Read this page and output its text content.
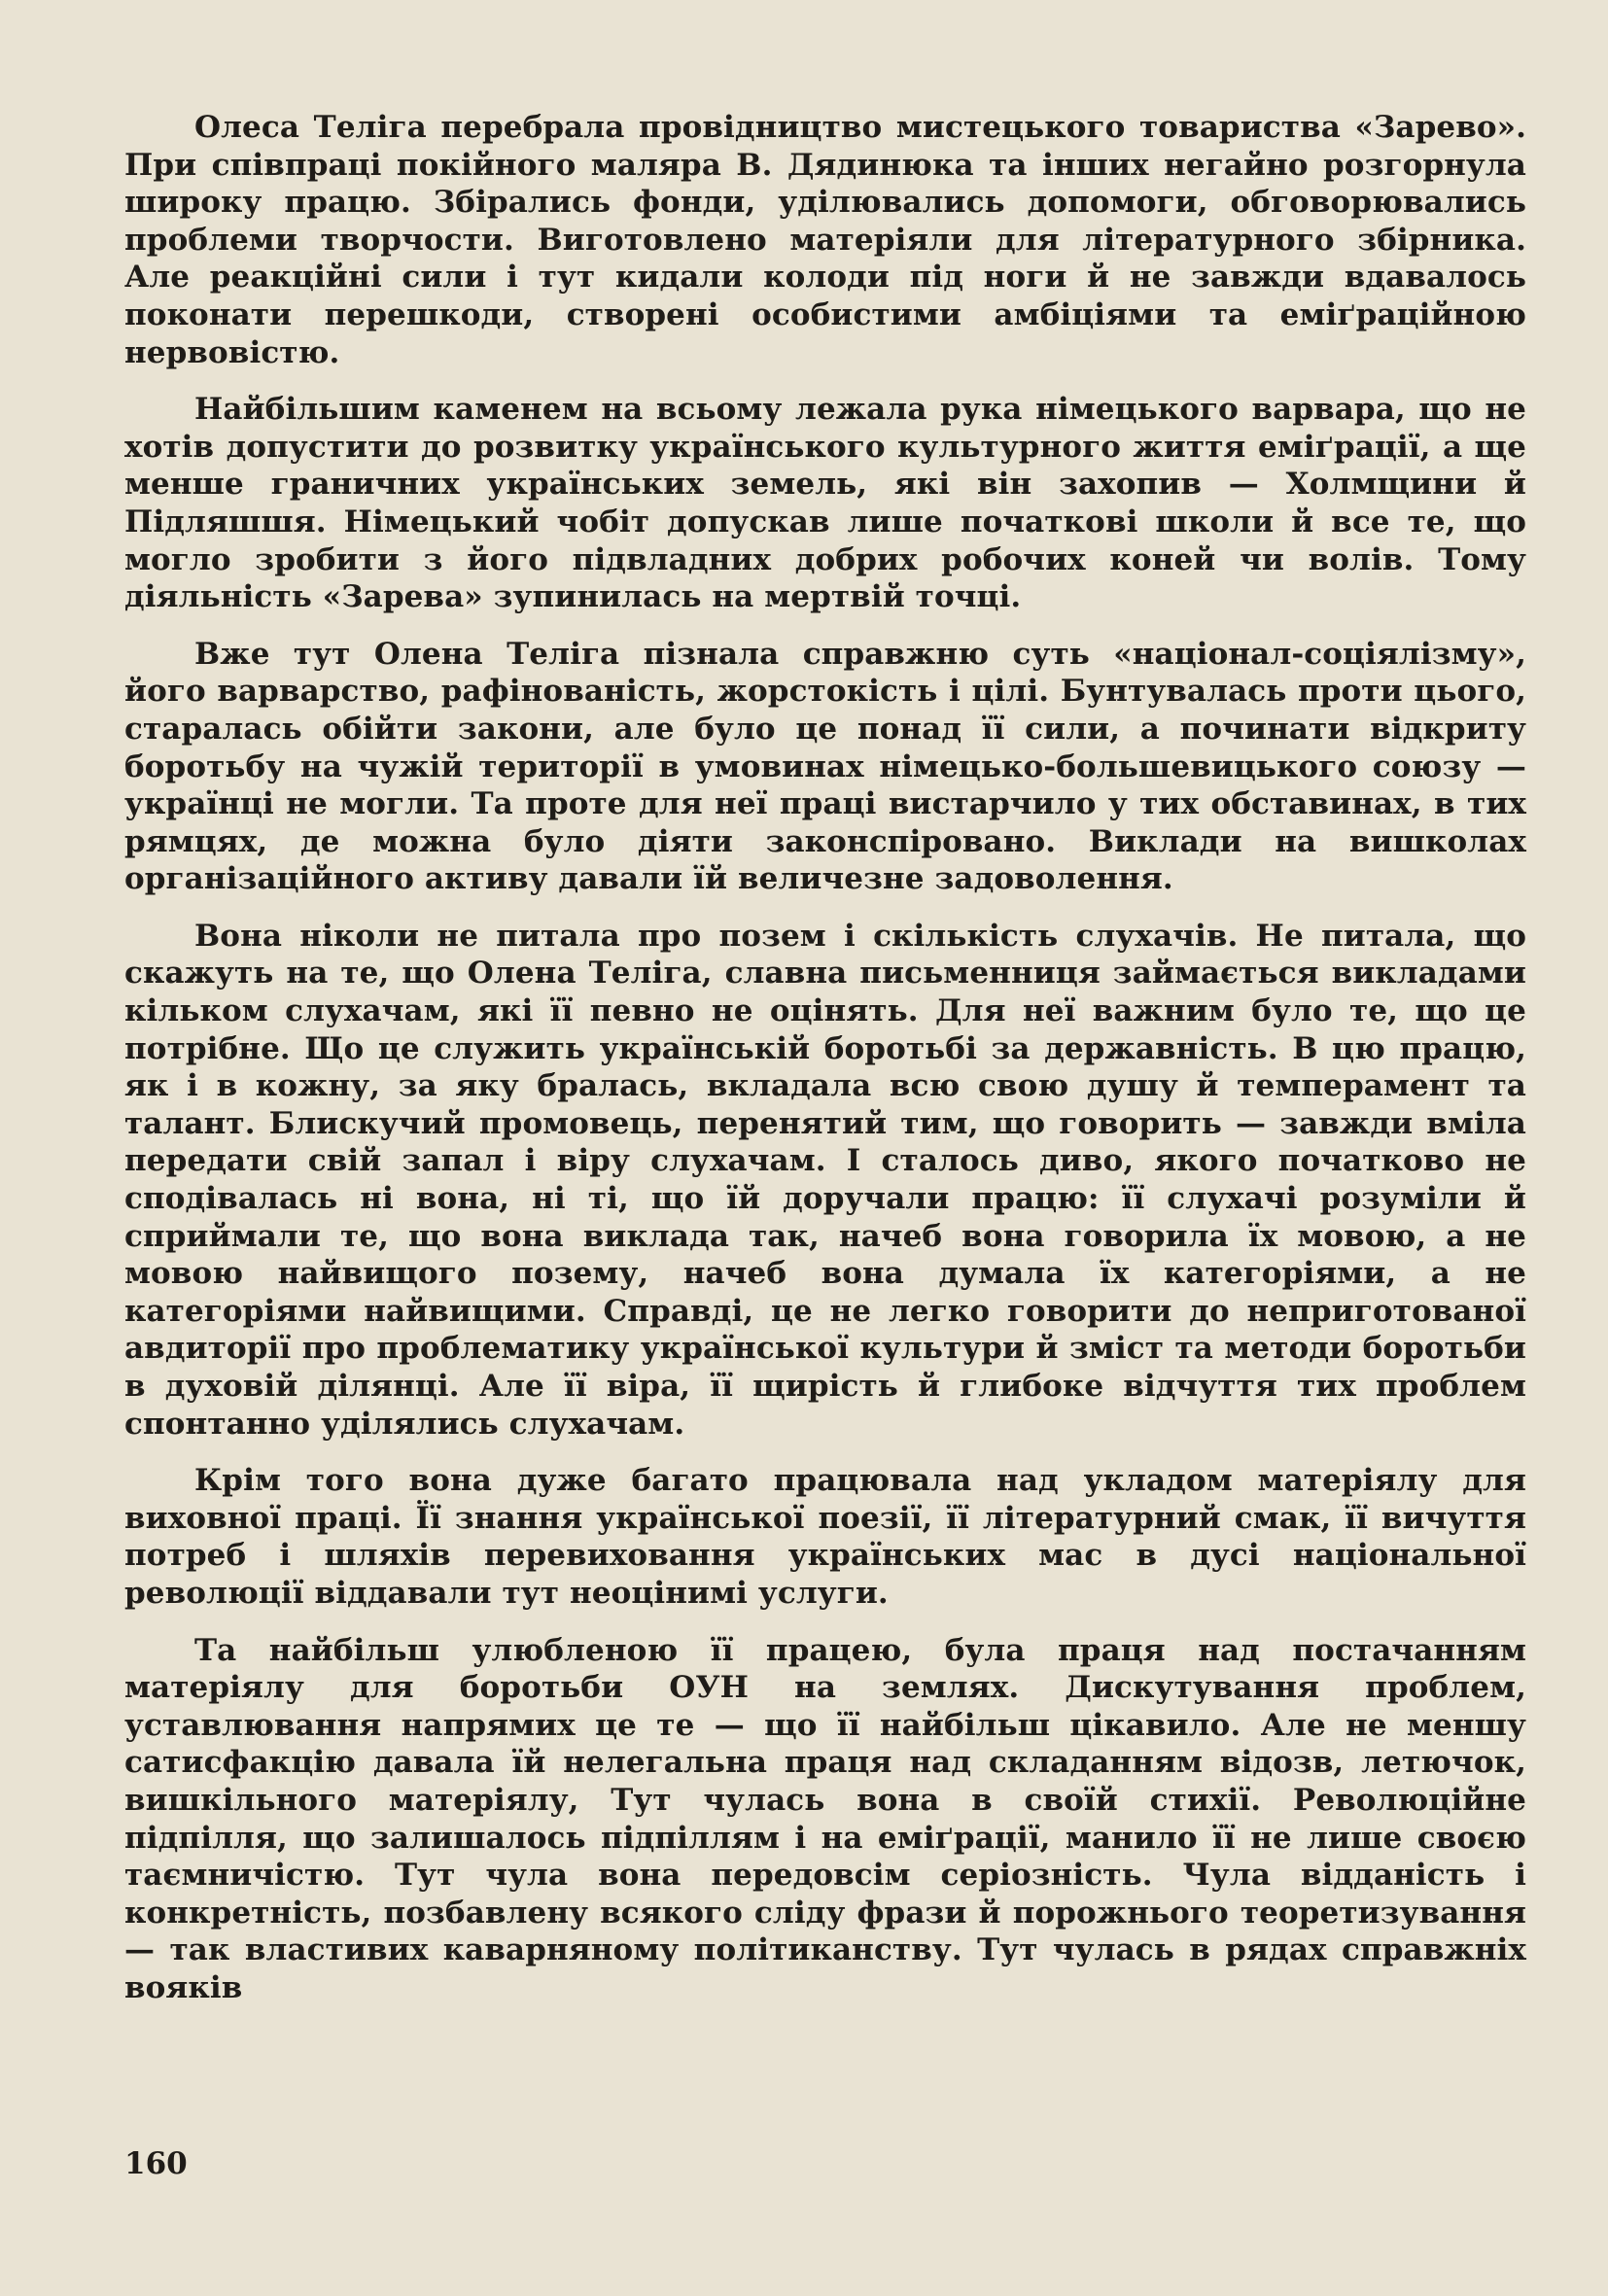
Олеса Теліга перебрала провідництво мистецького товариства «Зарево». При співпраці покійного маляра В. Дядинюка та інших негайно розгорнула широку працю. Збірались фонди, уділювались допомоги, обговорювались проблеми творчости. Виготовлено матеріяли для літературного збірника. Але реакційні сили і тут кидали колоди під ноги й не завжди вдавалось поконати перешкоди, створені особистими амбіціями та еміґраційною нервовістю.

Найбільшим каменем на всьому лежала рука німецького варвара, що не хотів допустити до розвитку українського культурного життя еміґрації, а ще менше граничних українських земель, які він захопив — Холмщини й Підляшшя. Німецький чобіт допускав лише початкові школи й все те, що могло зробити з його підвладних добрих робочих коней чи волів. Тому діяльність «Зарева» зупинилась на мертвій точці.

Вже тут Олена Теліга пізнала справжню суть «націонал-соціялізму», його варварство, рафінованість, жорстокість і цілі. Бунтувалась проти цього, старалась обійти закони, але було це понад її сили, а починати відкриту боротьбу на чужій території в умовинах німецько-большевицького союзу — українці не могли. Та проте для неї праці вистарчило у тих обставинах, в тих рямцях, де можна було діяти законспіровано. Виклади на вишколах організаційного активу давали їй величезне задоволення.

Вона ніколи не питала про позем і скількість слухачів. Не питала, що скажуть на те, що Олена Теліга, славна письменниця займається викладами кільком слухачам, які її певно не оцінять. Для неї важним було те, що це потрібне. Що це служить українській боротьбі за державність. В цю працю, як і в кожну, за яку бралась, вкладала всю свою душу й темперамент та талант. Блискучий промовець, перенятий тим, що говорить — завжди вміла передати свій запал і віру слухачам. І сталось диво, якого початково не сподівалась ні вона, ні ті, що їй доручали працю: її слухачі розуміли й сприймали те, що вона виклада так, начеб вона говорила їх мовою, а не мовою найвищого позему, начеб вона думала їх категоріями, а не категоріями найвищими. Справді, це не легко говорити до неприготованої авдиторії про проблематику української культури й зміст та методи боротьби в духовій ділянці. Але її віра, її щирість й глибоке відчуття тих проблем спонтанно уділялись слухачам.

Крім того вона дуже багато працювала над укладом матеріялу для виховної праці. Її знання української поезії, її літературний смак, її вичуття потреб і шляхів перевиховання українських мас в дусі національної революції віддавали тут неоцінимі услуги.

Та найбільш улюбленою її працею, була праця над постачанням матеріялу для боротьби ОУН на землях. Дискутування проблем, уставлювання напрямих це те — що її найбільш цікавило. Але не меншу сатисфакцію давала їй нелегальна праця над складанням відозв, летючок, вишкільного матеріялу, Тут чулась вона в своїй стихії. Революційне підпілля, що залишалось підпіллям і на еміґрації, манило її не лише своєю таємничістю. Тут чула вона передовсім серіозність. Чула відданість і конкретність, позбавлену всякого сліду фрази й порожнього теоретизування — так властивих каварняному політиканству. Тут чулась в рядах справжніх вояків

160
